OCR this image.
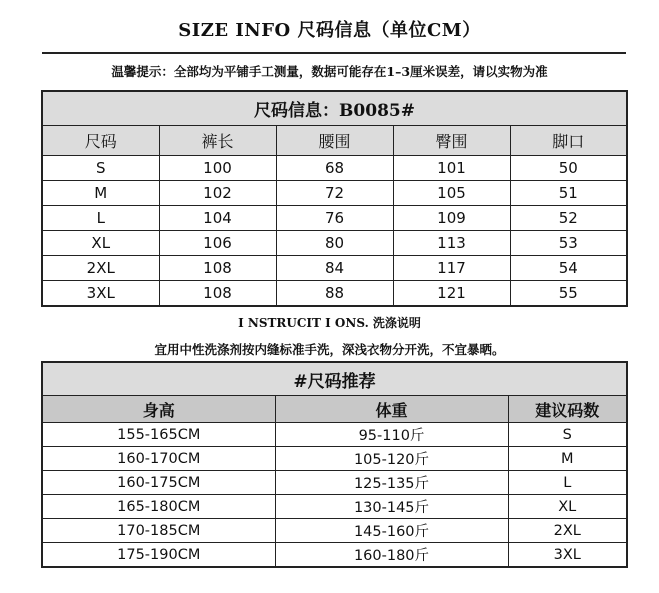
SIZE INFO 尺码信息（单位CM）
温馨提示：全部均为平铺手工测量，数据可能存在1–3厘米误差，请以实物为准
尺码信息：B0085#				
尺码	裤长	腰围	臀围	脚口
S	100	68	101	50
M	102	72	105	51
L	104	76	109	52
XL	106	80	113	53
2XL	108	84	117	54
3XL	108	88	121	55
I NSTRUCIT I ONS. 洗涤说明
宜用中性洗涤剂按内缝标准手洗，深浅衣物分开洗，不宜暴晒。
#尺码推荐		
身高	体重	建议码数
155-165CM	95-110斤	S
160-170CM	105-120斤	M
160-175CM	125-135斤	L
165-180CM	130-145斤	XL
170-185CM	145-160斤	2XL
175-190CM	160-180斤	3XL
